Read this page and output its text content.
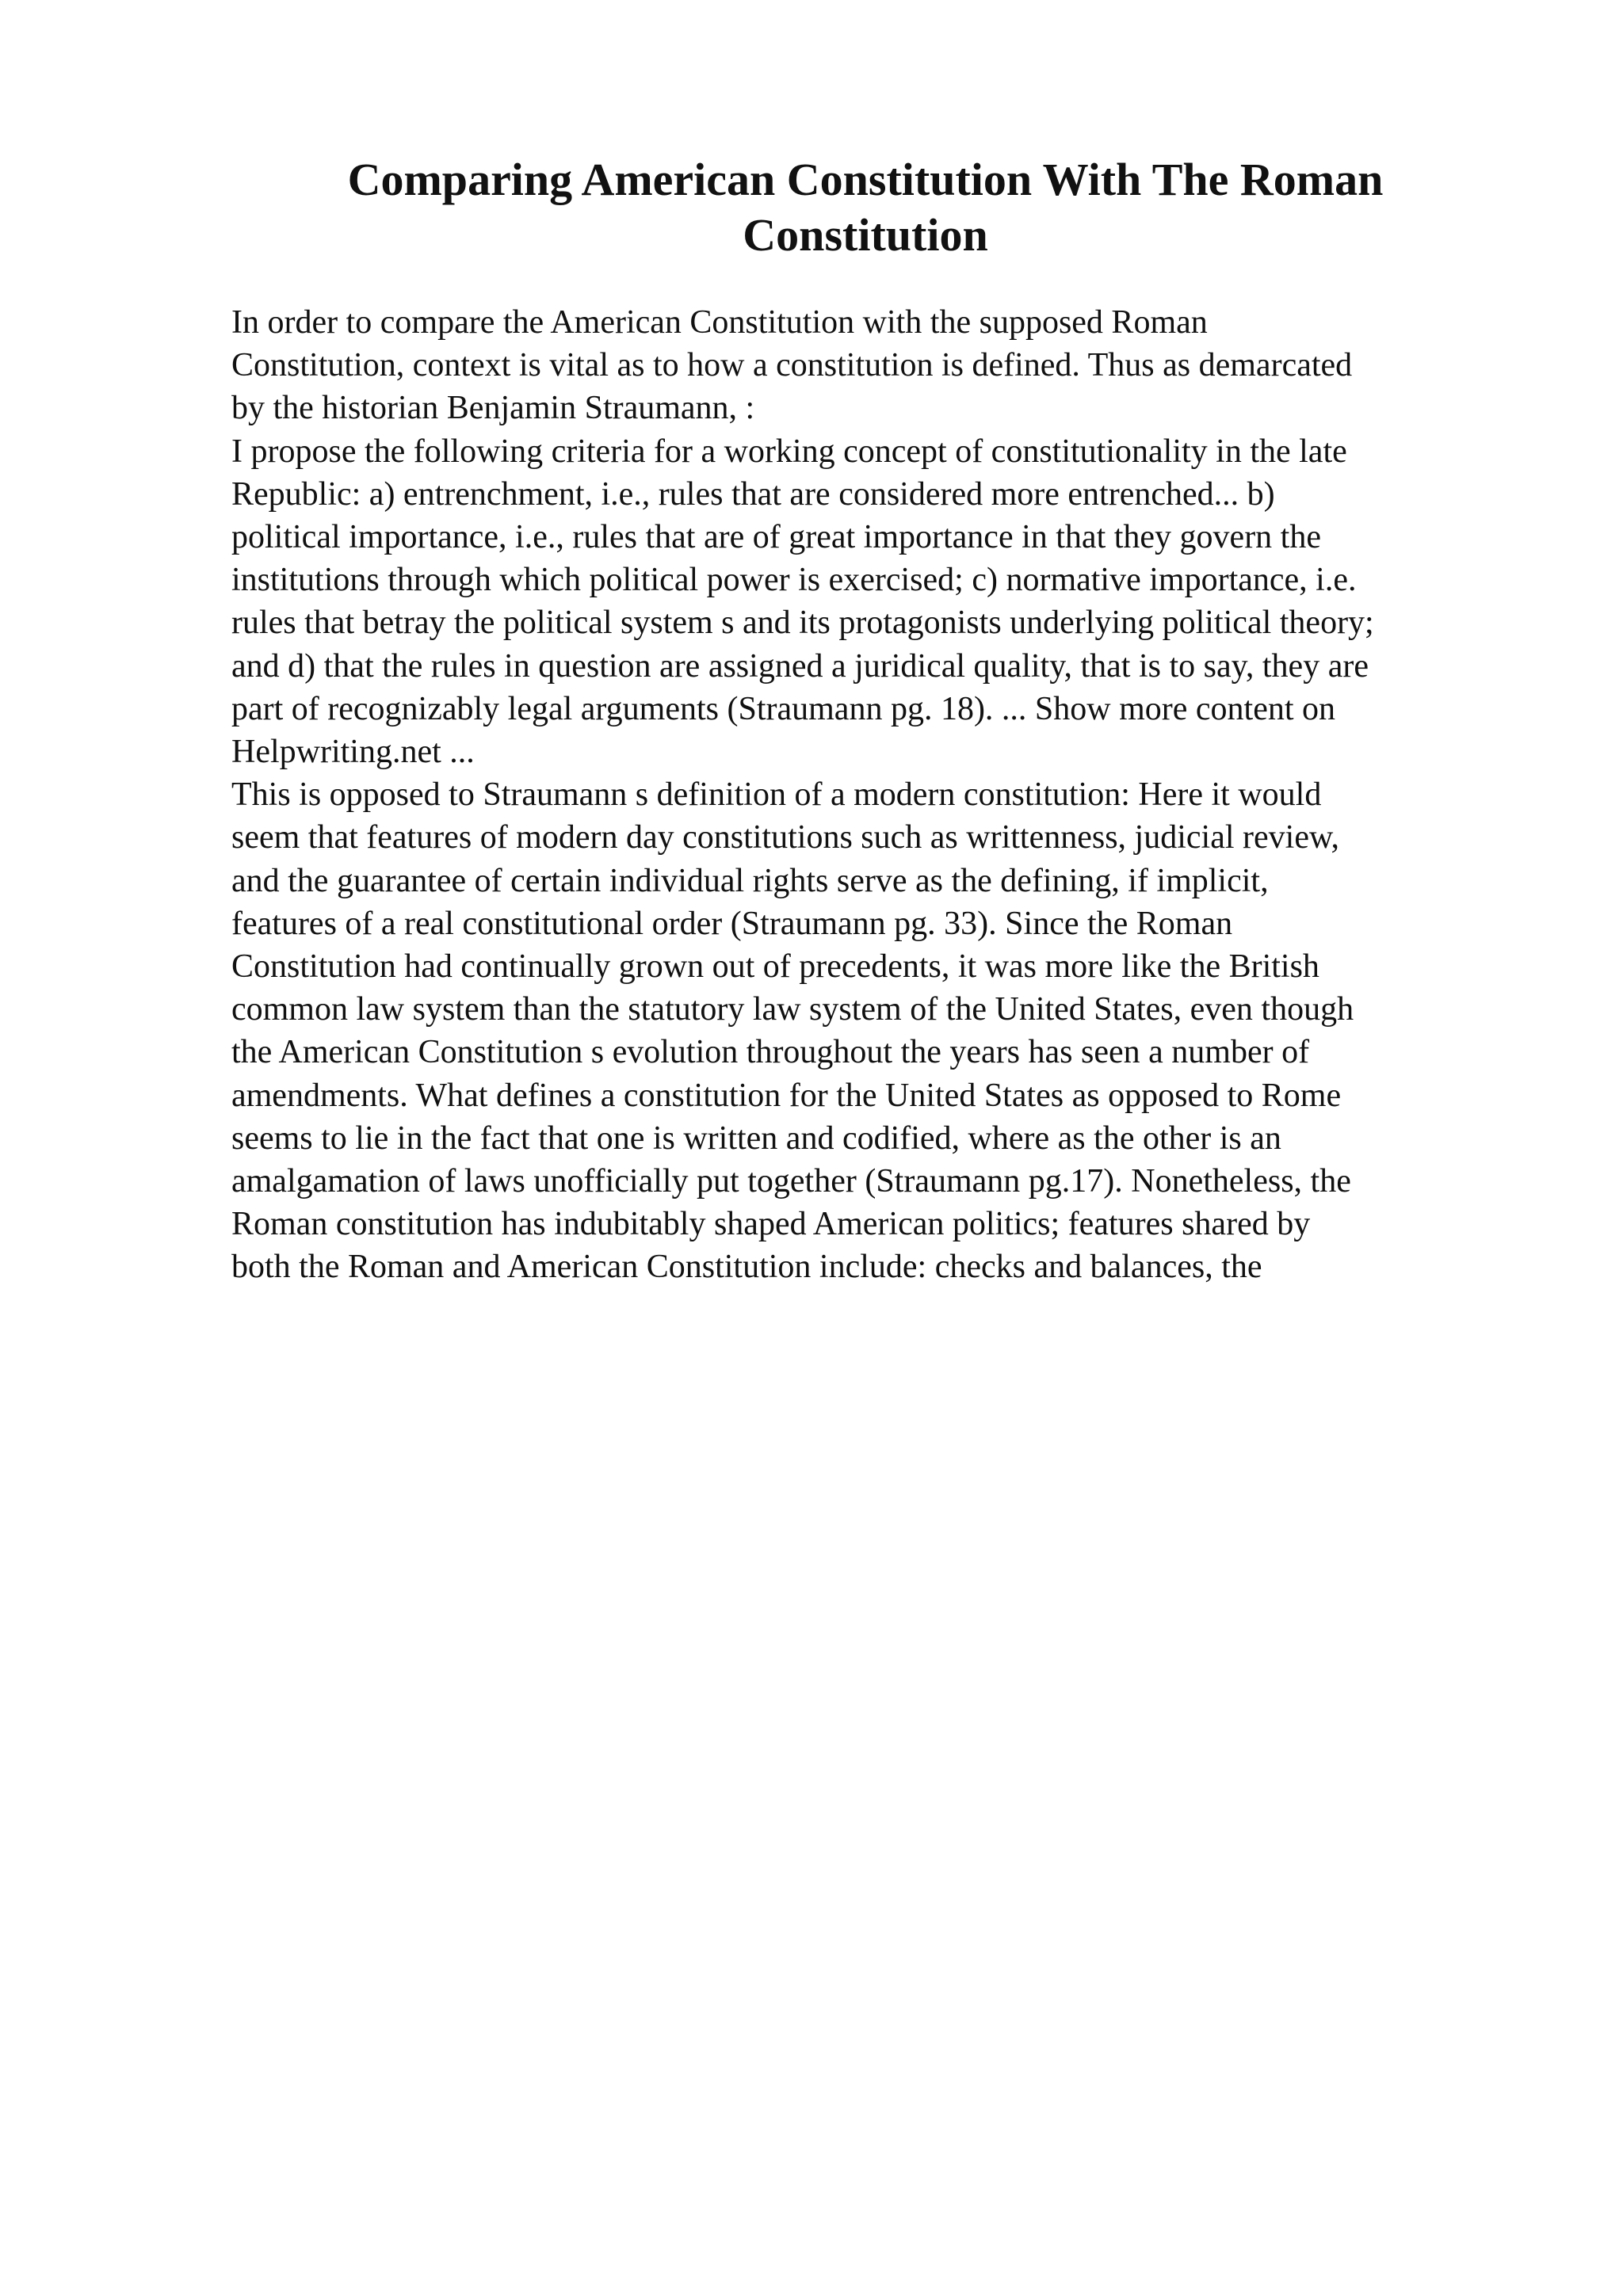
Comparing American Constitution With The Roman
Constitution
In order to compare the American Constitution with the supposed Roman
Constitution, context is vital as to how a constitution is defined. Thus as demarcated
by the historian Benjamin Straumann, :
I propose the following criteria for a working concept of constitutionality in the late
Republic: a) entrenchment, i.e., rules that are considered more entrenched... b)
political importance, i.e., rules that are of great importance in that they govern the
institutions through which political power is exercised; c) normative importance, i.e.
rules that betray the political system s and its protagonists underlying political theory;
and d) that the rules in question are assigned a juridical quality, that is to say, they are
part of recognizably legal arguments (Straumann pg. 18). ... Show more content on
Helpwriting.net ...
This is opposed to Straumann s definition of a modern constitution: Here it would
seem that features of modern day constitutions such as writtenness, judicial review,
and the guarantee of certain individual rights serve as the defining, if implicit,
features of a real constitutional order (Straumann pg. 33). Since the Roman
Constitution had continually grown out of precedents, it was more like the British
common law system than the statutory law system of the United States, even though
the American Constitution s evolution throughout the years has seen a number of
amendments. What defines a constitution for the United States as opposed to Rome
seems to lie in the fact that one is written and codified, where as the other is an
amalgamation of laws unofficially put together (Straumann pg.17). Nonetheless, the
Roman constitution has indubitably shaped American politics; features shared by
both the Roman and American Constitution include: checks and balances, the
